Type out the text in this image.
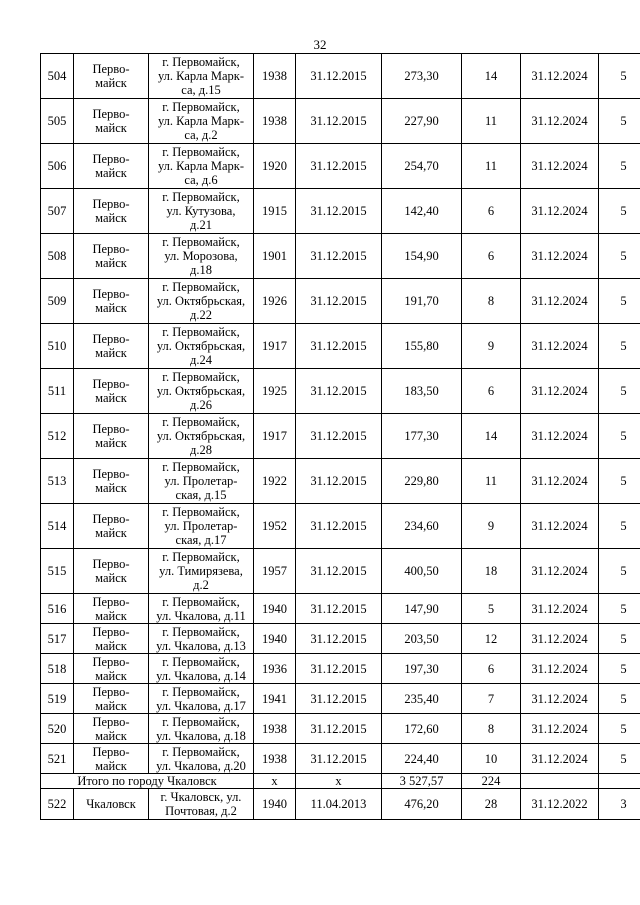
32
504	Перво-
майск	г. Первомайск,
ул. Карла Марк-
са, д.15	1938	31.12.2015	273,30	14	31.12.2024	5
505	Перво-
майск	г. Первомайск,
ул. Карла Марк-
са, д.2	1938	31.12.2015	227,90	11	31.12.2024	5
506	Перво-
майск	г. Первомайск,
ул. Карла Марк-
са, д.6	1920	31.12.2015	254,70	11	31.12.2024	5
507	Перво-
майск	г. Первомайск,
ул. Кутузова,
д.21	1915	31.12.2015	142,40	6	31.12.2024	5
508	Перво-
майск	г. Первомайск,
ул. Морозова,
д.18	1901	31.12.2015	154,90	6	31.12.2024	5
509	Перво-
майск	г. Первомайск,
ул. Октябрьская,
д.22	1926	31.12.2015	191,70	8	31.12.2024	5
510	Перво-
майск	г. Первомайск,
ул. Октябрьская,
д.24	1917	31.12.2015	155,80	9	31.12.2024	5
511	Перво-
майск	г. Первомайск,
ул. Октябрьская,
д.26	1925	31.12.2015	183,50	6	31.12.2024	5
512	Перво-
майск	г. Первомайск,
ул. Октябрьская,
д.28	1917	31.12.2015	177,30	14	31.12.2024	5
513	Перво-
майск	г. Первомайск,
ул. Пролетар-
ская, д.15	1922	31.12.2015	229,80	11	31.12.2024	5
514	Перво-
майск	г. Первомайск,
ул. Пролетар-
ская, д.17	1952	31.12.2015	234,60	9	31.12.2024	5
515	Перво-
майск	г. Первомайск,
ул. Тимирязева,
д.2	1957	31.12.2015	400,50	18	31.12.2024	5
516	Перво-
майск	г. Первомайск,
ул. Чкалова, д.11	1940	31.12.2015	147,90	5	31.12.2024	5
517	Перво-
майск	г. Первомайск,
ул. Чкалова, д.13	1940	31.12.2015	203,50	12	31.12.2024	5
518	Перво-
майск	г. Первомайск,
ул. Чкалова, д.14	1936	31.12.2015	197,30	6	31.12.2024	5
519	Перво-
майск	г. Первомайск,
ул. Чкалова, д.17	1941	31.12.2015	235,40	7	31.12.2024	5
520	Перво-
майск	г. Первомайск,
ул. Чкалова, д.18	1938	31.12.2015	172,60	8	31.12.2024	5
521	Перво-
майск	г. Первомайск,
ул. Чкалова, д.20	1938	31.12.2015	224,40	10	31.12.2024	5
Итого по городу Чкаловск			х	х	3 527,57	224		
522	Чкаловск	г. Чкаловск, ул.
Почтовая, д.2	1940	11.04.2013	476,20	28	31.12.2022	3
